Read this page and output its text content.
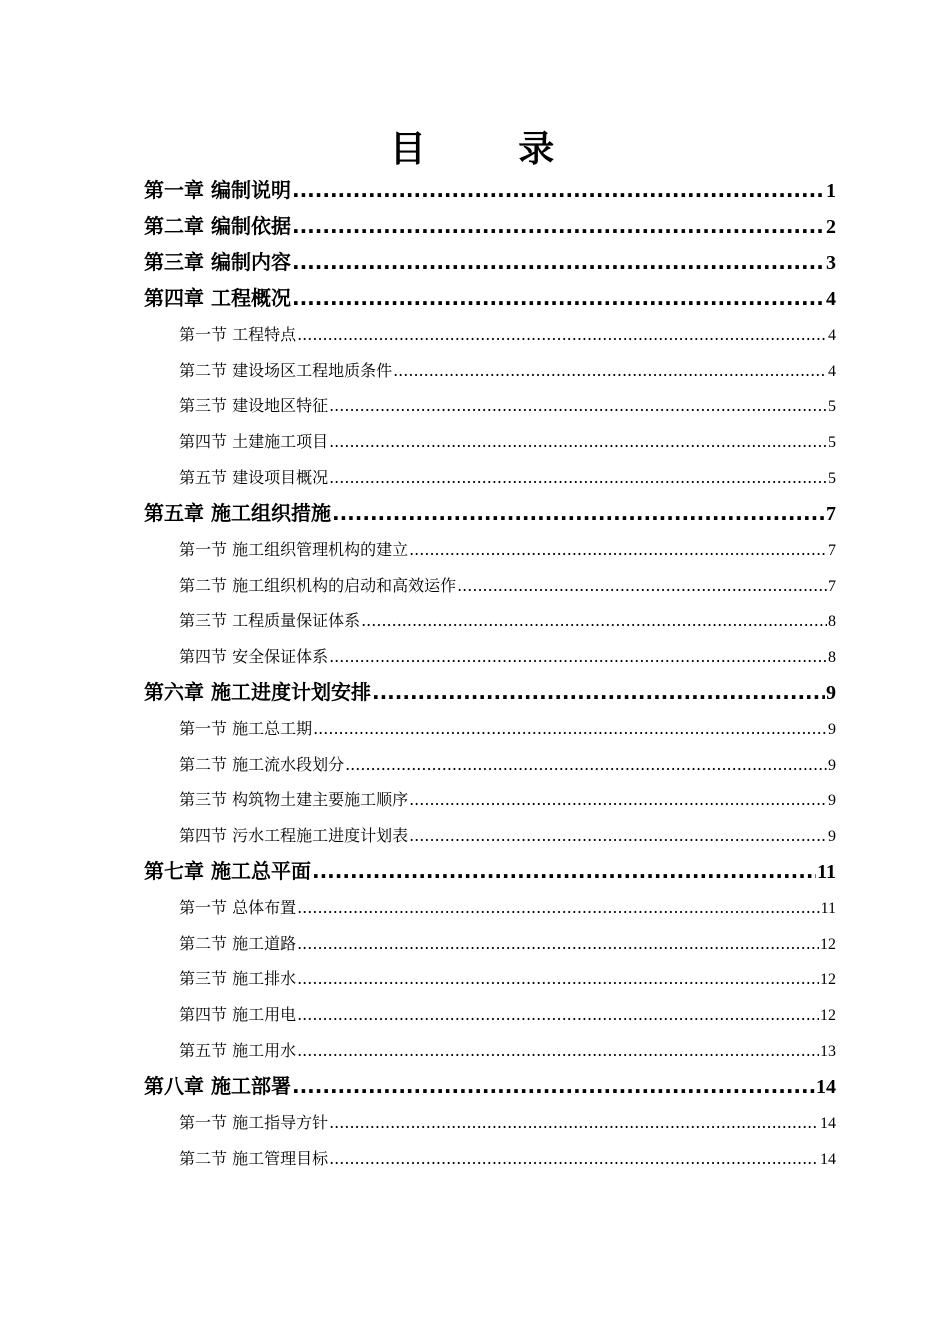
目 录
第一章 编制说明 .....	1
第二章 编制依据 .....	2
第三章 编制内容 .....	3
第四章 工程概况 .....	4
第一节 工程特点 .....	4
第二节 建设场区工程地质条件 .....	4
第三节 建设地区特征 .....	5
第四节 土建施工项目 .....	5
第五节 建设项目概况 .....	5
第五章 施工组织措施 .....	7
第一节 施工组织管理机构的建立 .....	7
第二节 施工组织机构的启动和高效运作 .....	7
第三节 工程质量保证体系 .....	8
第四节 安全保证体系 .....	8
第六章 施工进度计划安排 .....	9
第一节 施工总工期 .....	9
第二节 施工流水段划分 .....	9
第三节 构筑物土建主要施工顺序 .....	9
第四节 污水工程施工进度计划表 .....	9
第七章 施工总平面 .....	11
第一节 总体布置 .....	11
第二节 施工道路 .....	12
第三节 施工排水 .....	12
第四节 施工用电 .....	12
第五节 施工用水 .....	13
第八章 施工部署 .....	14
第一节 施工指导方针 .....	14
第二节 施工管理目标 .....	14
